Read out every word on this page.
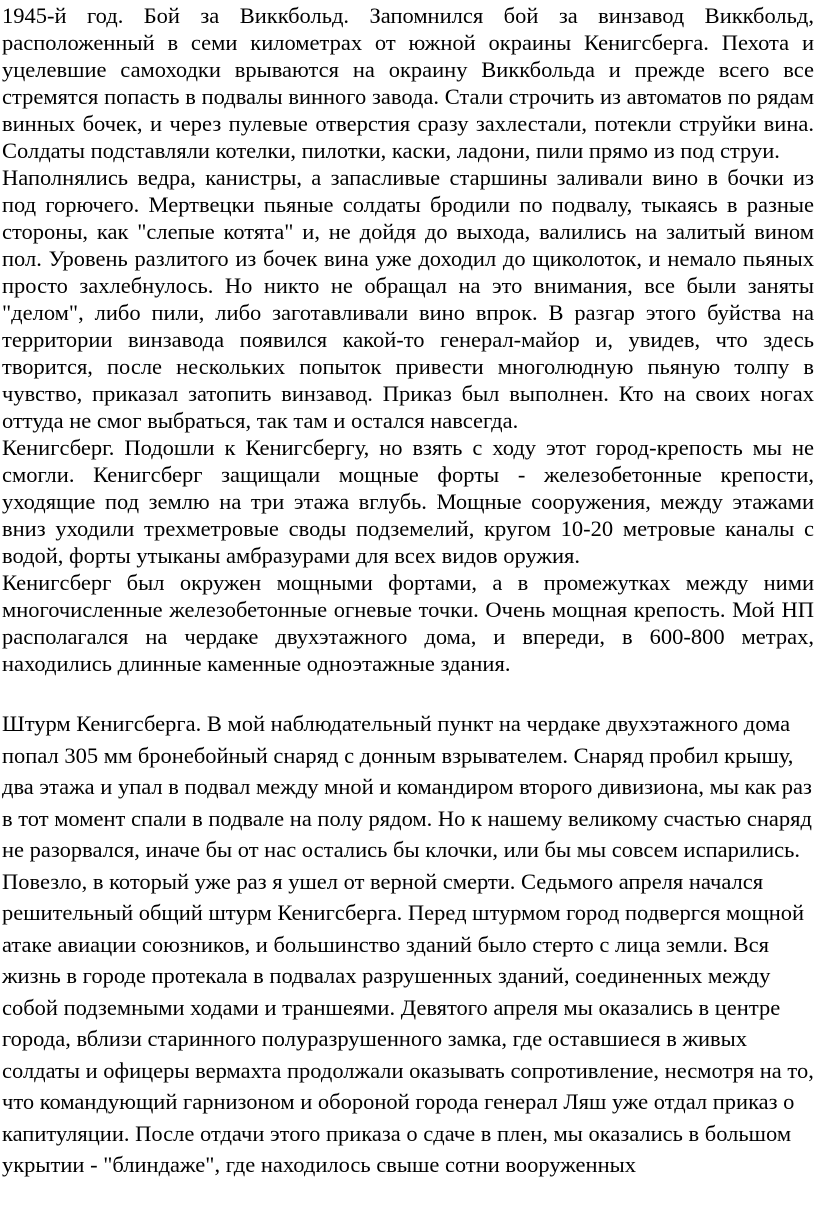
1945-й год. Бой за Виккбольд. Запомнился бой за винзавод Виккбольд, расположенный в семи километрах от южной окраины Кенигсберга. Пехота и уцелевшие самоходки врываются на окраину Виккбольда и прежде всего все стремятся попасть в подвалы винного завода. Стали строчить из автоматов по рядам винных бочек, и через пулевые отверстия сразу захлестали, потекли струйки вина. Солдаты подставляли котелки, пилотки, каски, ладони, пили прямо из под струи.

Наполнялись ведра, канистры, а запасливые старшины заливали вино в бочки из под горючего. Мертвецки пьяные солдаты бродили по подвалу, тыкаясь в разные стороны, как "слепые котята" и, не дойдя до выхода, валились на залитый вином пол. Уровень разлитого из бочек вина уже доходил до щиколоток, и немало пьяных просто захлебнулось. Но никто не обращал на это внимания, все были заняты "делом", либо пили, либо заготавливали вино впрок. В разгар этого буйства на территории винзавода появился какой-то генерал-майор и, увидев, что здесь творится, после нескольких попыток привести многолюдную пьяную толпу в чувство, приказал затопить винзавод. Приказ был выполнен. Кто на своих ногах оттуда не смог выбраться, так там и остался навсегда.

Кенигсберг. Подошли к Кенигсбергу, но взять с ходу этот город-крепость мы не смогли. Кенигсберг защищали мощные форты - железобетонные крепости, уходящие под землю на три этажа вглубь. Мощные сооружения, между этажами вниз уходили трехметровые своды подземелий, кругом 10-20 метровые каналы с водой, форты утыканы амбразурами для всех видов оружия.

Кенигсберг был окружен мощными фортами, а в промежутках между ними многочисленные железобетонные огневые точки. Очень мощная крепость. Мой НП располагался на чердаке двухэтажного дома, и впереди, в 600-800 метрах, находились длинные каменные одноэтажные здания.

Штурм Кенигсберга. В мой наблюдательный пункт на чердаке двухэтажного дома попал 305 мм бронебойный снаряд с донным взрывателем. Снаряд пробил крышу, два этажа и упал в подвал между мной и командиром второго дивизиона, мы как раз в тот момент спали в подвале на полу рядом. Но к нашему великому счастью снаряд не разорвался, иначе бы от нас остались бы клочки, или бы мы совсем испарились. Повезло, в который уже раз я ушел от верной смерти. Седьмого апреля начался решительный общий штурм Кенигсберга. Перед штурмом город подвергся мощной атаке авиации союзников, и большинство зданий было стерто с лица земли. Вся жизнь в городе протекала в подвалах разрушенных зданий, соединенных между собой подземными ходами и траншеями. Девятого апреля мы оказались в центре города, вблизи старинного полуразрушенного замка, где оставшиеся в живых солдаты и офицеры вермахта продолжали оказывать сопротивление, несмотря на то, что командующий гарнизоном и обороной города генерал Ляш уже отдал приказ о капитуляции. После отдачи этого приказа о сдаче в плен, мы оказались в большом укрытии - "блиндаже", где находилось свыше сотни вооруженных
